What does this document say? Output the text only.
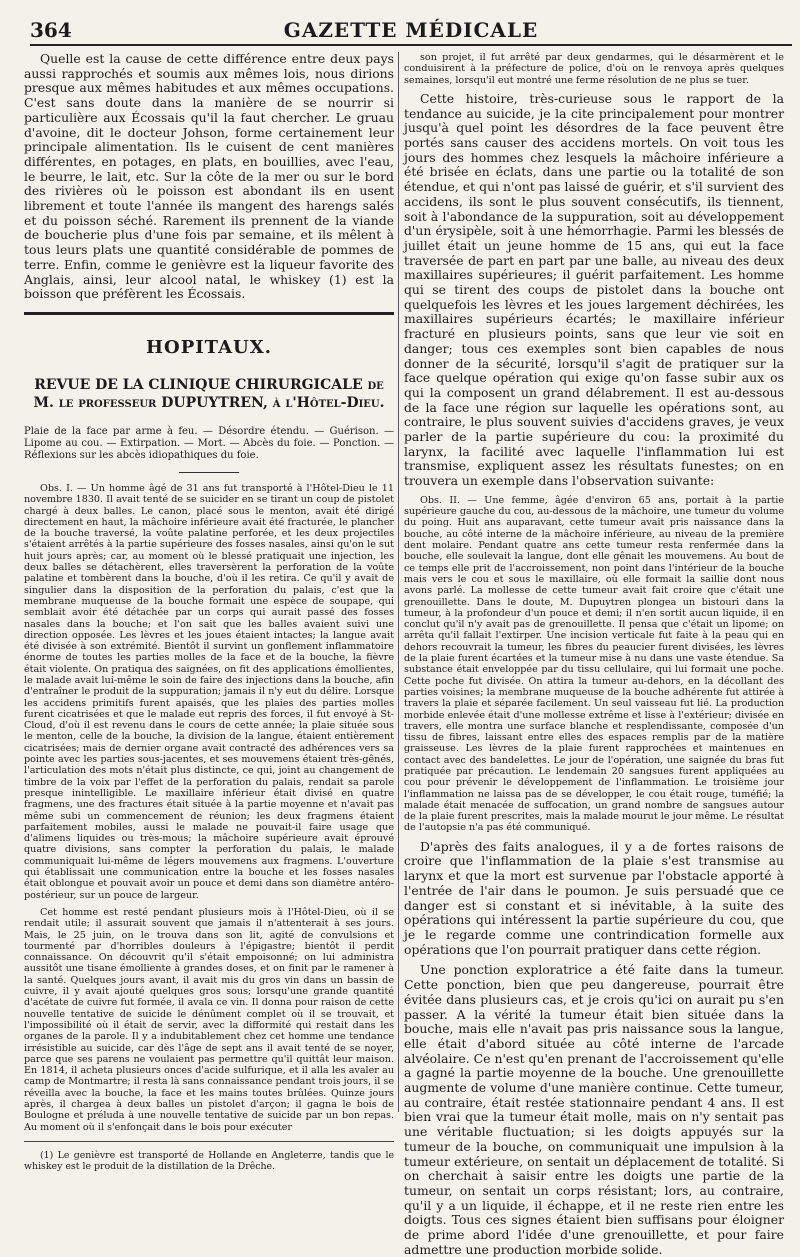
364	GAZETTE MÉDICALE

Quelle est la cause de cette différence entre deux pays aussi rapprochés et soumis aux mêmes lois, nous dirions presque aux mêmes habitudes et aux mêmes occupations. C'est sans doute dans la manière de se nourrir si particulière aux Écossais qu'il la faut chercher. Le gruau d'avoine, dit le docteur Johson, forme certainement leur principale alimentation. Ils le cuisent de cent manières différentes, en potages, en plats, en bouillies, avec l'eau, le beurre, le lait, etc. Sur la côte de la mer ou sur le bord des rivières où le poisson est abondant ils en usent librement et toute l'année ils mangent des harengs salés et du poisson séché. Rarement ils prennent de la viande de boucherie plus d'une fois par semaine, et ils mêlent à tous leurs plats une quantité considérable de pommes de terre. Enfin, comme le genièvre est la liqueur favorite des Anglais, ainsi, leur alcool natal, le whiskey (1) est la boisson que préfèrent les Écossais.

HOPITAUX.
REVUE DE LA CLINIQUE CHIRURGICALE de M. le professeur DUPUYTREN, à l'Hôtel-Dieu.

Plaie de la face par arme à feu. — Désordre étendu. — Guérison. — Lipome au cou. — Extirpation. — Mort. — Abcès du foie. — Ponction. — Réflexions sur les abcès idiopathiques du foie.

Obs. I. — Un homme âgé de 31 ans fut transporté à l'Hôtel-Dieu le 11 novembre 1830. Il avait tenté de se suicider en se tirant un coup de pistolet chargé à deux balles. Le canon, placé sous le menton, avait été dirigé directement en haut, la mâchoire inférieure avait été fracturée, le plancher de la bouche traversé, la voûte palatine perforée, et les deux projectiles s'étaient arrêtés à la partie supérieure des fosses nasales, ainsi qu'on le sut huit jours après; car, au moment où le blessé pratiquait une injection, les deux balles se détachèrent, elles traversèrent la perforation de la voûte palatine et tombèrent dans la bouche, d'où il les retira. Ce qu'il y avait de singulier dans la disposition de la perforation du palais, c'est que la membrane muqueuse de la bouche formait une espèce de soupape, qui semblait avoir été détachée par un corps qui aurait passé des fosses nasales dans la bouche; et l'on sait que les balles avaient suivi une direction opposée. Les lèvres et les joues étaient intactes; la langue avait été divisée à son extrémité. Bientôt il survint un gonflement inflammatoire énorme de toutes les parties molles de la face et de la bouche, la fièvre était violente. On pratiqua des saignées, on fit des applications émollientes, le malade avait lui-même le soin de faire des injections dans la bouche, afin d'entraîner le produit de la suppuration; jamais il n'y eut du délire. Lorsque les accidens primitifs furent apaisés, que les plaies des parties molles furent cicatrisées et que le malade eut repris des forces, il fut envoyé à St-Cloud, d'où il est revenu dans le cours de cette année; la plaie située sous le menton, celle de la bouche, la division de la langue, étaient entièrement cicatrisées; mais de dernier organe avait contracté des adhérences vers sa pointe avec les parties sous-jacentes, et ses mouvemens étaient très-gênés, l'articulation des mots n'était plus distincte, ce qui, joint au changement de timbre de la voix par l'effet de la perforation du palais, rendait sa parole presque inintelligible. Le maxillaire inférieur était divisé en quatre fragmens, une des fractures était située à la partie moyenne et n'avait pas même subi un commencement de réunion; les deux fragmens étaient parfaitement mobiles, aussi le malade ne pouvait-il faire usage que d'alimens liquides ou très-mous; la mâchoire supérieure avait éprouvé quatre divisions, sans compter la perforation du palais, le malade communiquait lui-même de légers mouvemens aux fragmens. L'ouverture qui établissait une communication entre la bouche et les fosses nasales était oblongue et pouvait avoir un pouce et demi dans son diamètre antéro-postérieur, sur un pouce de largeur.

Cet homme est resté pendant plusieurs mois à l'Hôtel-Dieu, où il se rendait utile; il assurait souvent que jamais il n'attenterait à ses jours. Mais, le 25 juin, on le trouva dans son lit, agité de convulsions et tourmenté par d'horribles douleurs à l'épigastre; bientôt il perdit connaissance. On découvrit qu'il s'était empoisonné; on lui administra aussitôt une tisane émolliente à grandes doses, et on finit par le ramener à la santé. Quelques jours avant, il avait mis du gros vin dans un bassin de cuivre, il y avait ajouté quelques gros sous; lorsqu'une grande quantité d'acétate de cuivre fut formée, il avala ce vin. Il donna pour raison de cette nouvelle tentative de suicide le dénûment complet où il se trouvait, et l'impossibilité où il était de servir, avec la difformité qui restait dans les organes de la parole. Il y a indubitablement chez cet homme une tendance irrésistible au suicide, car dès l'âge de sept ans il avait tenté de se noyer, parce que ses parens ne voulaient pas permettre qu'il quittât leur maison. En 1814, il acheta plusieurs onces d'acide sulfurique, et il alla les avaler au camp de Montmartre; il resta là sans connaissance pendant trois jours, il se réveilla avec la bouche, la face et les mains toutes brûlées. Quinze jours après, il chargea à deux balles un pistolet d'arçon; il gagna le bois de Boulogne et préluda à une nouvelle tentative de suicide par un bon repas. Au moment où il s'enfonçait dans le bois pour exécuter

(1) Le genièvre est transporté de Hollande en Angleterre, tandis que le whiskey est le produit de la distillation de la Drêche.

son projet, il fut arrêté par deux gendarmes, qui le désarmèrent et le conduisirent à la préfecture de police, d'où on le renvoya après quelques semaines, lorsqu'il eut montré une ferme résolution de ne plus se tuer.

Cette histoire, très-curieuse sous le rapport de la tendance au suicide, je la cite principalement pour montrer jusqu'à quel point les désordres de la face peuvent être portés sans causer des accidens mortels. On voit tous les jours des hommes chez lesquels la mâchoire inférieure a été brisée en éclats, dans une partie ou la totalité de son étendue, et qui n'ont pas laissé de guérir, et s'il survient des accidens, ils sont le plus souvent consécutifs, ils tiennent, soit à l'abondance de la suppuration, soit au développement d'un érysipèle, soit à une hémorrhagie. Parmi les blessés de juillet était un jeune homme de 15 ans, qui eut la face traversée de part en part par une balle, au niveau des deux maxillaires supérieures; il guérit parfaitement. Les homme qui se tirent des coups de pistolet dans la bouche ont quelquefois les lèvres et les joues largement déchirées, les maxillaires supérieurs écartés; le maxillaire inférieur fracturé en plusieurs points, sans que leur vie soit en danger; tous ces exemples sont bien capables de nous donner de la sécurité, lorsqu'il s'agit de pratiquer sur la face quelque opération qui exige qu'on fasse subir aux os qui la composent un grand délabrement. Il est au-dessous de la face une région sur laquelle les opérations sont, au contraire, le plus souvent suivies d'accidens graves, je veux parler de la partie supérieure du cou: la proximité du larynx, la facilité avec laquelle l'inflammation lui est transmise, expliquent assez les résultats funestes; on en trouvera un exemple dans l'observation suivante:

Obs. II. — Une femme, âgée d'environ 65 ans, portait à la partie supérieure gauche du cou, au-dessous de la mâchoire, une tumeur du volume du poing. Huit ans auparavant, cette tumeur avait pris naissance dans la bouche, au côté interne de la mâchoire inférieure, au niveau de la première dent molaire. Pendant quatre ans cette tumeur resta renfermée dans la bouche, elle soulevait la langue, dont elle gênait les mouvemens. Au bout de ce temps elle prit de l'accroissement, non point dans l'intérieur de la bouche mais vers le cou et sous le maxillaire, où elle formait la saillie dont nous avons parlé. La mollesse de cette tumeur avait fait croire que c'était une grenouillette. Dans le doute, M. Dupuytren plongea un bistouri dans la tumeur, à la profondeur d'un pouce et demi; il n'en sortit aucun liquide, il en conclut qu'il n'y avait pas de grenouillette. Il pensa que c'était un lipome; on arrêta qu'il fallait l'extirper. Une incision verticale fut faite à la peau qui en dehors recouvrait la tumeur, les fibres du peaucier furent divisées, les lèvres de la plaie furent écartées et la tumeur mise à nu dans une vaste étendue. Sa substance était enveloppée par du tissu cellulaire, qui lui formait une poche. Cette poche fut divisée. On attira la tumeur au-dehors, en la décollant des parties voisines; la membrane muqueuse de la bouche adhérente fut attirée à travers la plaie et séparée facilement. Un seul vaisseau fut lié. La production morbide enlevée était d'une mollesse extrême et lisse à l'extérieur; divisée en travers, elle montra une surface blanche et resplendissante, composée d'un tissu de fibres, laissant entre elles des espaces remplis par de la matière graisseuse. Les lèvres de la plaie furent rapprochées et maintenues en contact avec des bandelettes. Le jour de l'opération, une saignée du bras fut pratiquée par précaution. Le lendemain 20 sangsues furent appliquées au cou pour prévenir le développement de l'inflammation. Le troisième jour l'inflammation ne laissa pas de se développer, le cou était rouge, tuméfié; la malade était menacée de suffocation, un grand nombre de sangsues autour de la plaie furent prescrites, mais la malade mourut le jour même. Le résultat de l'autopsie n'a pas été communiqué.

D'après des faits analogues, il y a de fortes raisons de croire que l'inflammation de la plaie s'est transmise au larynx et que la mort est survenue par l'obstacle apporté à l'entrée de l'air dans le poumon. Je suis persuadé que ce danger est si constant et si inévitable, à la suite des opérations qui intéressent la partie supérieure du cou, que je le regarde comme une contrindication formelle aux opérations que l'on pourrait pratiquer dans cette région.

Une ponction exploratrice a été faite dans la tumeur. Cette ponction, bien que peu dangereuse, pourrait être évitée dans plusieurs cas, et je crois qu'ici on aurait pu s'en passer. A la vérité la tumeur était bien située dans la bouche, mais elle n'avait pas pris naissance sous la langue, elle était d'abord située au côté interne de l'arcade alvéolaire. Ce n'est qu'en prenant de l'accroissement qu'elle a gagné la partie moyenne de la bouche. Une grenouillette augmente de volume d'une manière continue. Cette tumeur, au contraire, était restée stationnaire pendant 4 ans. Il est bien vrai que la tumeur était molle, mais on n'y sentait pas une véritable fluctuation; si les doigts appuyés sur la tumeur de la bouche, on communiquait une impulsion à la tumeur extérieure, on sentait un déplacement de totalité. Si on cherchait à saisir entre les doigts une partie de la tumeur, on sentait un corps résistant; lors, au contraire, qu'il y a un liquide, il échappe, et il ne reste rien entre les doigts. Tous ces signes étaient bien suffisans pour éloigner de prime abord l'idée d'une grenouillette, et pour faire admettre une production morbide solide.
